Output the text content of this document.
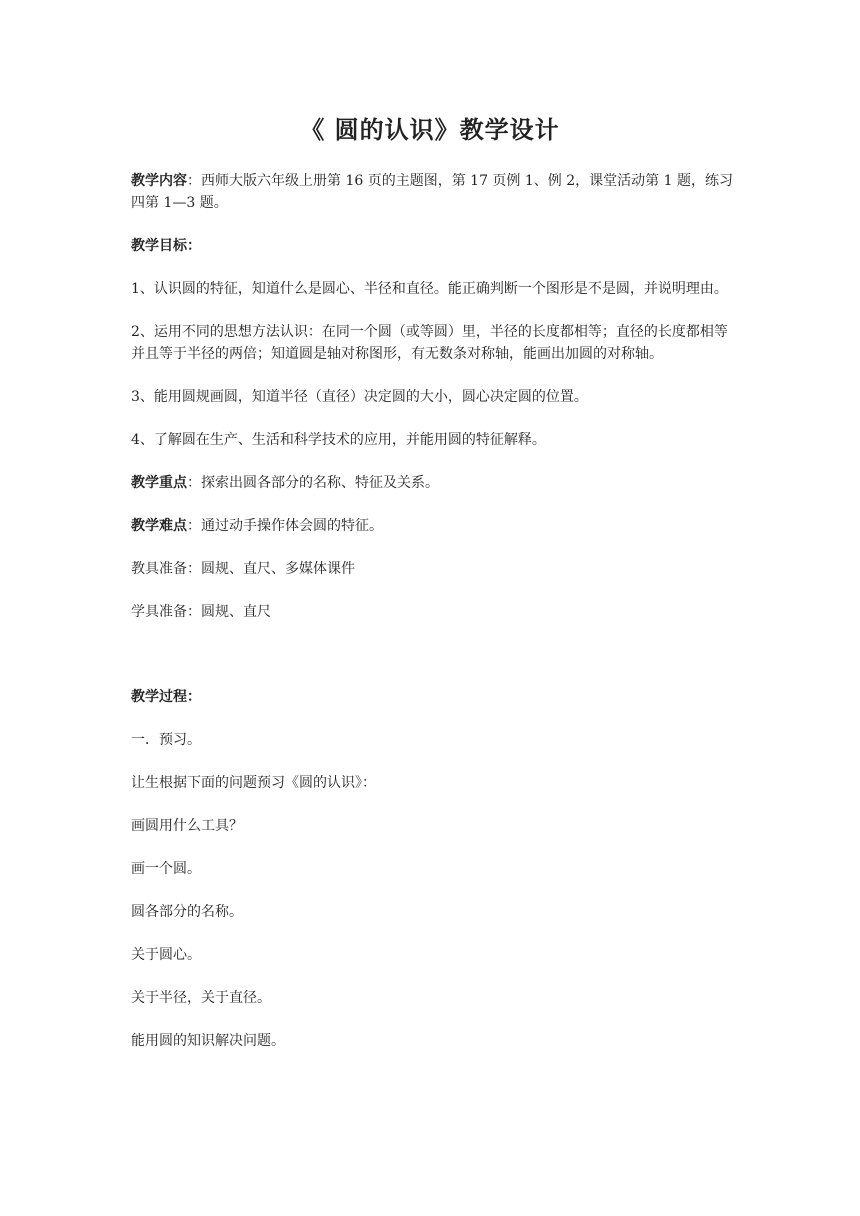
《 圆的认识》教学设计

教学内容：西师大版六年级上册第 16 页的主题图，第 17 页例 1、例 2，课堂活动第 1 题，练习四第 1—3 题。

教学目标：

1、认识圆的特征，知道什么是圆心、半径和直径。能正确判断一个图形是不是圆，并说明理由。

2、运用不同的思想方法认识：在同一个圆（或等圆）里，半径的长度都相等；直径的长度都相等并且等于半径的两倍；知道圆是轴对称图形，有无数条对称轴，能画出加圆的对称轴。

3、能用圆规画圆，知道半径（直径）决定圆的大小，圆心决定圆的位置。

4、了解圆在生产、生活和科学技术的应用，并能用圆的特征解释。

教学重点：探索出圆各部分的名称、特征及关系。

教学难点：通过动手操作体会圆的特征。

教具准备：圆规、直尺、多媒体课件

学具准备：圆规、直尺

教学过程：

一．预习。

让生根据下面的问题预习《圆的认识》：

画圆用什么工具？

画一个圆。

圆各部分的名称。

关于圆心。

关于半径，关于直径。

能用圆的知识解决问题。
